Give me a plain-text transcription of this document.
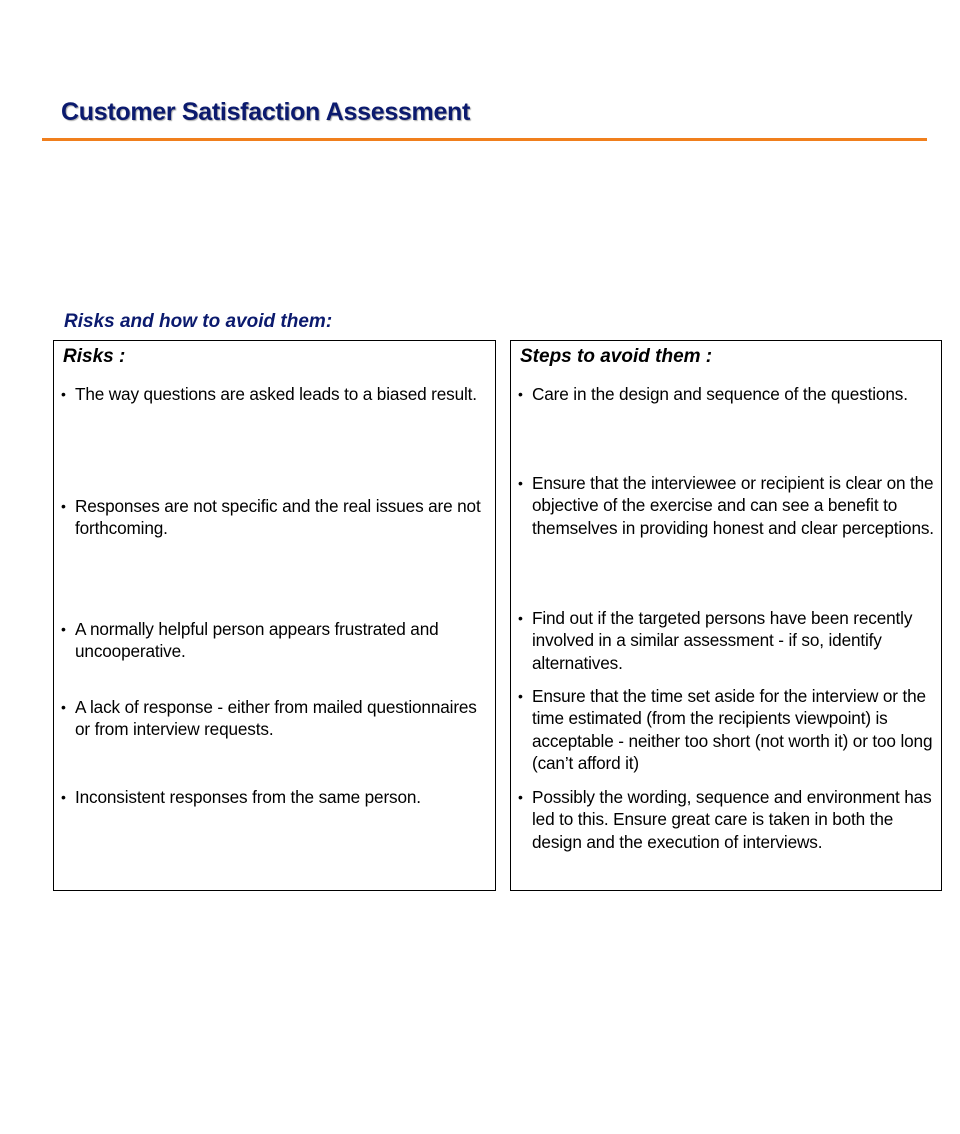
Customer Satisfaction Assessment
Risks and how to avoid them:
Risks :
• The way questions are asked leads to a biased result.
• Responses are not specific and the real issues are not forthcoming.
• A normally helpful person appears frustrated and uncooperative.
• A lack of response - either from mailed questionnaires or from interview requests.
• Inconsistent responses from the same person.
Steps to avoid them :
• Care in the design and sequence of the questions.
• Ensure that the interviewee or recipient is clear on the objective of the exercise and can see a benefit to themselves in providing honest and clear perceptions.
• Find out if the targeted persons have been recently involved in a similar assessment - if so, identify alternatives.
• Ensure that the time set aside for the interview or the time estimated (from the recipients viewpoint) is acceptable - neither too short (not worth it) or too long (can’t afford it)
• Possibly the wording, sequence and environment has led to this. Ensure great care is taken in both the design and the execution of interviews.
